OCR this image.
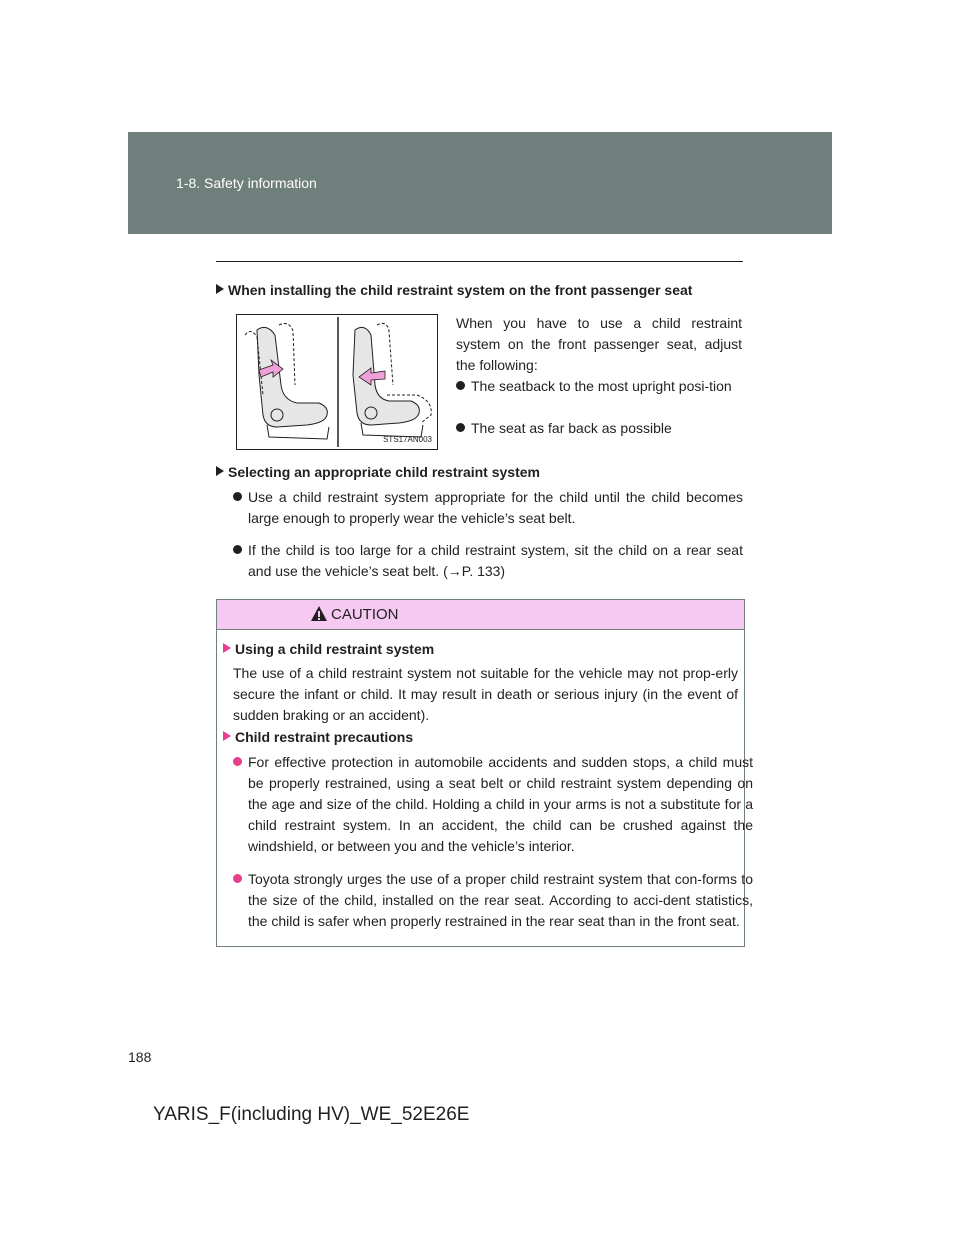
1-8. Safety information
When installing the child restraint system on the front passenger seat
STS17AN003
When you have to use a child restraint system on the front passenger seat, adjust the following:
The seatback to the most upright posi-tion
The seat as far back as possible
Selecting an appropriate child restraint system
Use a child restraint system appropriate for the child until the child becomes large enough to properly wear the vehicle’s seat belt.
If the child is too large for a child restraint system, sit the child on a rear seat and use the vehicle’s seat belt. (→P. 133)
CAUTION
Using a child restraint system
The use of a child restraint system not suitable for the vehicle may not prop-erly secure the infant or child. It may result in death or serious injury (in the event of sudden braking or an accident).
Child restraint precautions
For effective protection in automobile accidents and sudden stops, a child must be properly restrained, using a seat belt or child restraint system depending on the age and size of the child. Holding a child in your arms is not a substitute for a child restraint system. In an accident, the child can be crushed against the windshield, or between you and the vehicle’s interior.
Toyota strongly urges the use of a proper child restraint system that con-forms to the size of the child, installed on the rear seat. According to acci-dent statistics, the child is safer when properly restrained in the rear seat than in the front seat.
188
YARIS_F(including HV)_WE_52E26E
